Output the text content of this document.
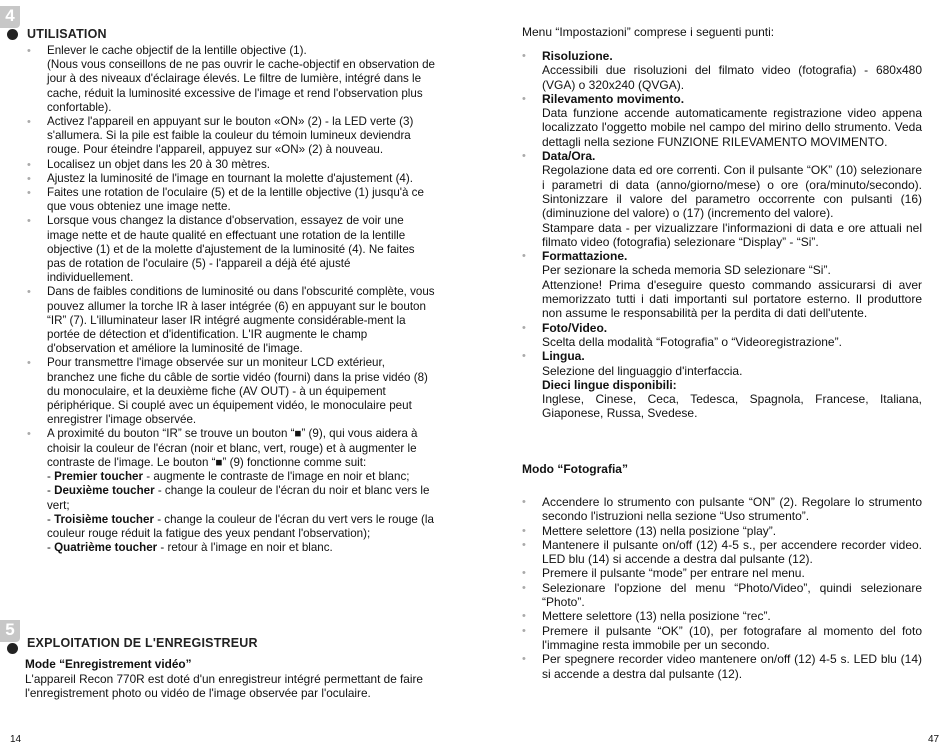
4
UTILISATION
• Enlever le cache objectif de la lentille objective (1).
(Nous vous conseillons de ne pas ouvrir le cache-objectif en observation de jour à des niveaux d'éclairage élevés. Le filtre de lumière, intégré dans le cache, réduit la luminosité excessive de l'image et rend l'observation plus confortable).
• Activez l'appareil en appuyant sur le bouton «ON» (2) - la LED verte (3) s'allumera. Si la pile est faible la couleur du témoin lumineux deviendra rouge. Pour éteindre l'appareil, appuyez sur «ON» (2) à nouveau.
• Localisez un objet dans les 20 à 30 mètres.
• Ajustez la luminosité de l'image en tournant la molette d'ajustement (4).
• Faites une rotation de l'oculaire (5) et de la lentille objective (1) jusqu'à ce que vous obteniez une image nette.
• Lorsque vous changez la distance d'observation, essayez de voir une image nette et de haute qualité en effectuant une rotation de la lentille objective (1) et de la molette d'ajustement de la luminosité (4). Ne faites pas de rotation de l'oculaire (5) - l'appareil a déjà été ajusté individuellement.
• Dans de faibles conditions de luminosité ou dans l'obscurité complète, vous pouvez allumer la torche IR à laser intégrée (6) en appuyant sur le bouton “IR” (7). L'illuminateur laser IR intégré augmente considérable-ment la portée de détection et d'identification. L'IR augmente le champ d'observation et améliore la luminosité de l'image.
• Pour transmettre l'image observée sur un moniteur LCD extérieur, branchez une fiche du câble de sortie vidéo (fourni) dans la prise vidéo (8) du monoculaire, et la deuxième fiche (AV OUT) - à un équipement périphérique. Si couplé avec un équipement vidéo, le monoculaire peut enregistrer l'image observée.
• A proximité du bouton “IR” se trouve un bouton “■” (9), qui vous aidera à choisir la couleur de l'écran (noir et blanc, vert, rouge) et à augmenter le contraste de l'image. Le bouton “■” (9) fonctionne comme suit:
- Premier toucher - augmente le contraste de l'image en noir et blanc;
- Deuxième toucher - change la couleur de l'écran du noir et blanc vers le vert;
- Troisième toucher - change la couleur de l'écran du vert vers le rouge (la couleur rouge réduit la fatigue des yeux pendant l'observation);
- Quatrième toucher - retour à l'image en noir et blanc.
5
EXPLOITATION DE L'ENREGISTREUR
Mode “Enregistrement vidéo”
L'appareil Recon 770R est doté d'un enregistreur intégré permettant de faire l'enregistrement photo ou vidéo de l'image observée par l'oculaire.
14
Menu “Impostazioni” comprese i seguenti punti:
• Risoluzione.
Accessibili due risoluzioni del filmato video (fotografia) - 680x480 (VGA) o 320x240 (QVGA).
• Rilevamento movimento.
Data funzione accende automaticamente registrazione video appena localizzato l'oggetto mobile nel campo del mirino dello strumento. Veda dettagli nella sezione FUNZIONE RILEVAMENTO MOVIMENTO.
• Data/Ora.
Regolazione data ed ore correnti. Con il pulsante “OK” (10) selezionare i parametri di data (anno/giorno/mese) o ore (ora/minuto/secondo). Sintonizzare il valore del parametro occorrente con pulsanti (16) (diminuzione del valore) o (17) (incremento del valore).
Stampare data - per vizualizzare l'informazioni di data e ore attuali nel filmato video (fotografia) selezionare “Display” - “Si”.
• Formattazione.
Per sezionare la scheda memoria SD selezionare “Si”.
Attenzione! Prima d'eseguire questo commando assicurarsi di aver memorizzato tutti i dati importanti sul portatore esterno. Il produttore non assume le responsabilità per la perdita di dati dell'utente.
• Foto/Video.
Scelta della modalità “Fotografia” o “Videoregistrazione”.
• Lingua.
Selezione del linguaggio d'interfaccia.
Dieci lingue disponibili:
Inglese, Cinese, Ceca, Tedesca, Spagnola, Francese, Italiana, Giaponese, Russa, Svedese.
Modo “Fotografia”
• Accendere lo strumento con pulsante “ON” (2). Regolare lo strumento secondo l'istruzioni nella sezione “Uso strumento”.
• Mettere selettore (13) nella posizione “play”.
• Mantenere il pulsante on/off (12) 4-5 s., per accendere recorder video. LED blu (14) si accende a destra dal pulsante (12).
• Premere il pulsante “mode” per entrare nel menu.
• Selezionare l'opzione del menu “Photo/Video”, quindi selezionare “Photo”.
• Mettere selettore (13) nella posizione “rec”.
• Premere il pulsante “OK” (10), per fotografare al momento del foto l'immagine resta immobile per un secondo.
• Per spegnere recorder video mantenere on/off (12) 4-5 s. LED blu (14) si accende a destra dal pulsante (12).
47
